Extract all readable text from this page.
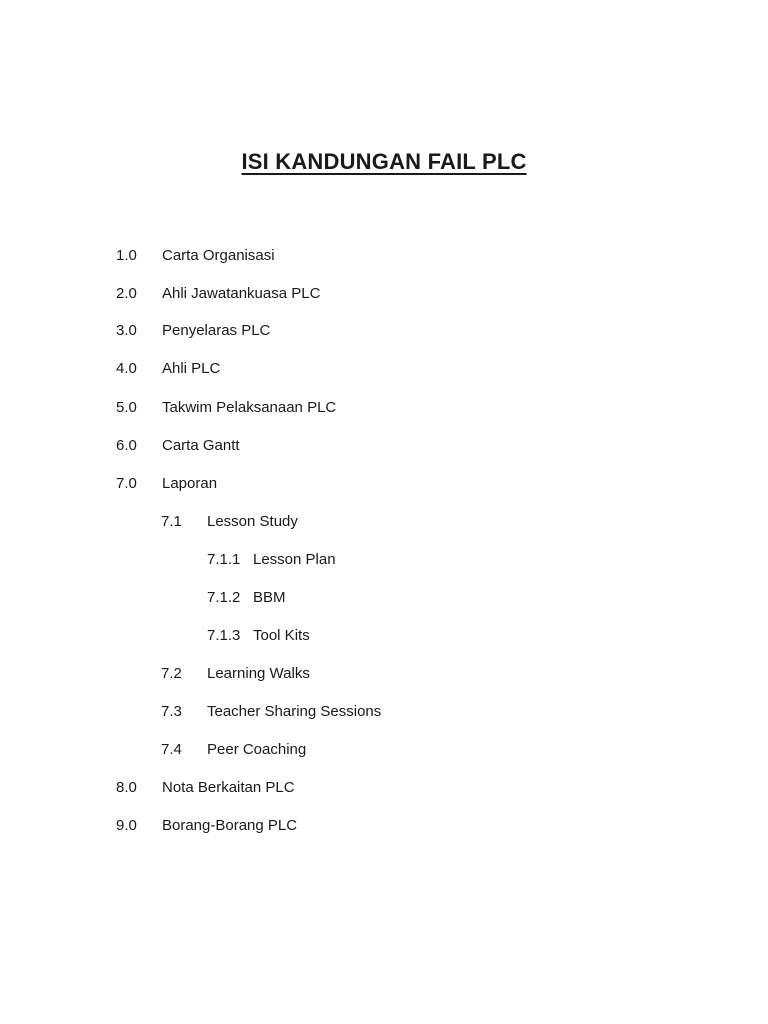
ISI KANDUNGAN FAIL PLC
1.0 Carta Organisasi
2.0 Ahli Jawatankuasa PLC
3.0 Penyelaras PLC
4.0 Ahli PLC
5.0 Takwim Pelaksanaan PLC
6.0 Carta Gantt
7.0 Laporan
7.1 Lesson Study
7.1.1 Lesson Plan
7.1.2 BBM
7.1.3 Tool Kits
7.2 Learning Walks
7.3 Teacher Sharing Sessions
7.4 Peer Coaching
8.0 Nota Berkaitan PLC
9.0 Borang-Borang PLC
